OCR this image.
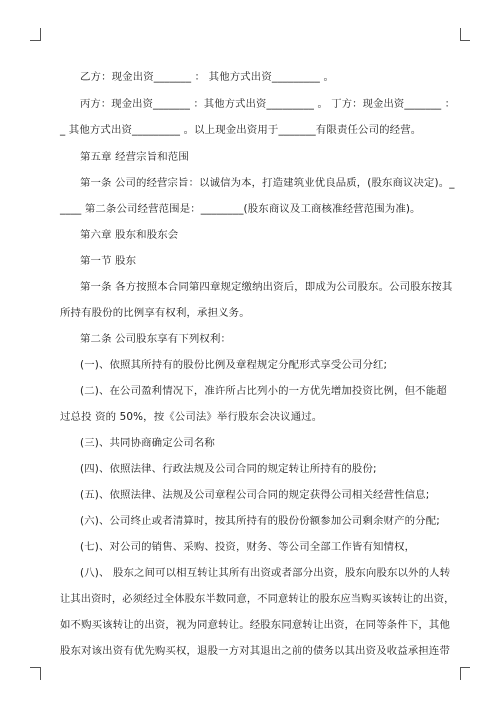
乙方：现金出资_______ ： 其他方式出资_________ 。
丙方：现金出资_______ ：其他方式出资_________ 。 丁方：现金出资_______ ：
_ 其他方式出资_________ 。以上现金出资用于_______有限责任公司的经营。
第五章 经营宗旨和范围
第一条 公司的经营宗旨：以诚信为本，打造建筑业优良品质，(股东商议决定)。_
____ 第二条公司经营范围是：________(股东商议及工商核准经营范围为准)。
第六章 股东和股东会
第一节 股东
第一条 各方按照本合同第四章规定缴纳出资后，即成为公司股东。公司股东按其
所持有股份的比例享有权利，承担义务。
第二条 公司股东享有下列权利：
(一)、依照其所持有的股份比例及章程规定分配形式享受公司分红;
(二)、在公司盈利情况下，准许所占比列小的一方优先增加投资比例，但不能超
过总投 资的 50%，按《公司法》举行股东会决议通过。
(三)、共同协商确定公司名称
(四)、依照法律、行政法规及公司合同的规定转让所持有的股份;
(五)、依照法律、法规及公司章程公司合同的规定获得公司相关经营性信息;
(六)、公司终止或者清算时，按其所持有的股份份额参加公司剩余财产的分配;
(七)、对公司的销售、采购、投资，财务、等公司全部工作皆有知情权，
(八)、 股东之间可以相互转让其所有出资或者部分出资，股东向股东以外的人转
让其出资时，必须经过全体股东半数同意，不同意转让的股东应当购买该转让的出资，
如不购买该转让的出资，视为同意转让。经股东同意转让出资，在同等条件下，其他
股东对该出资有优先购买权，退股一方对其退出之前的债务以其出资及收益承担连带
